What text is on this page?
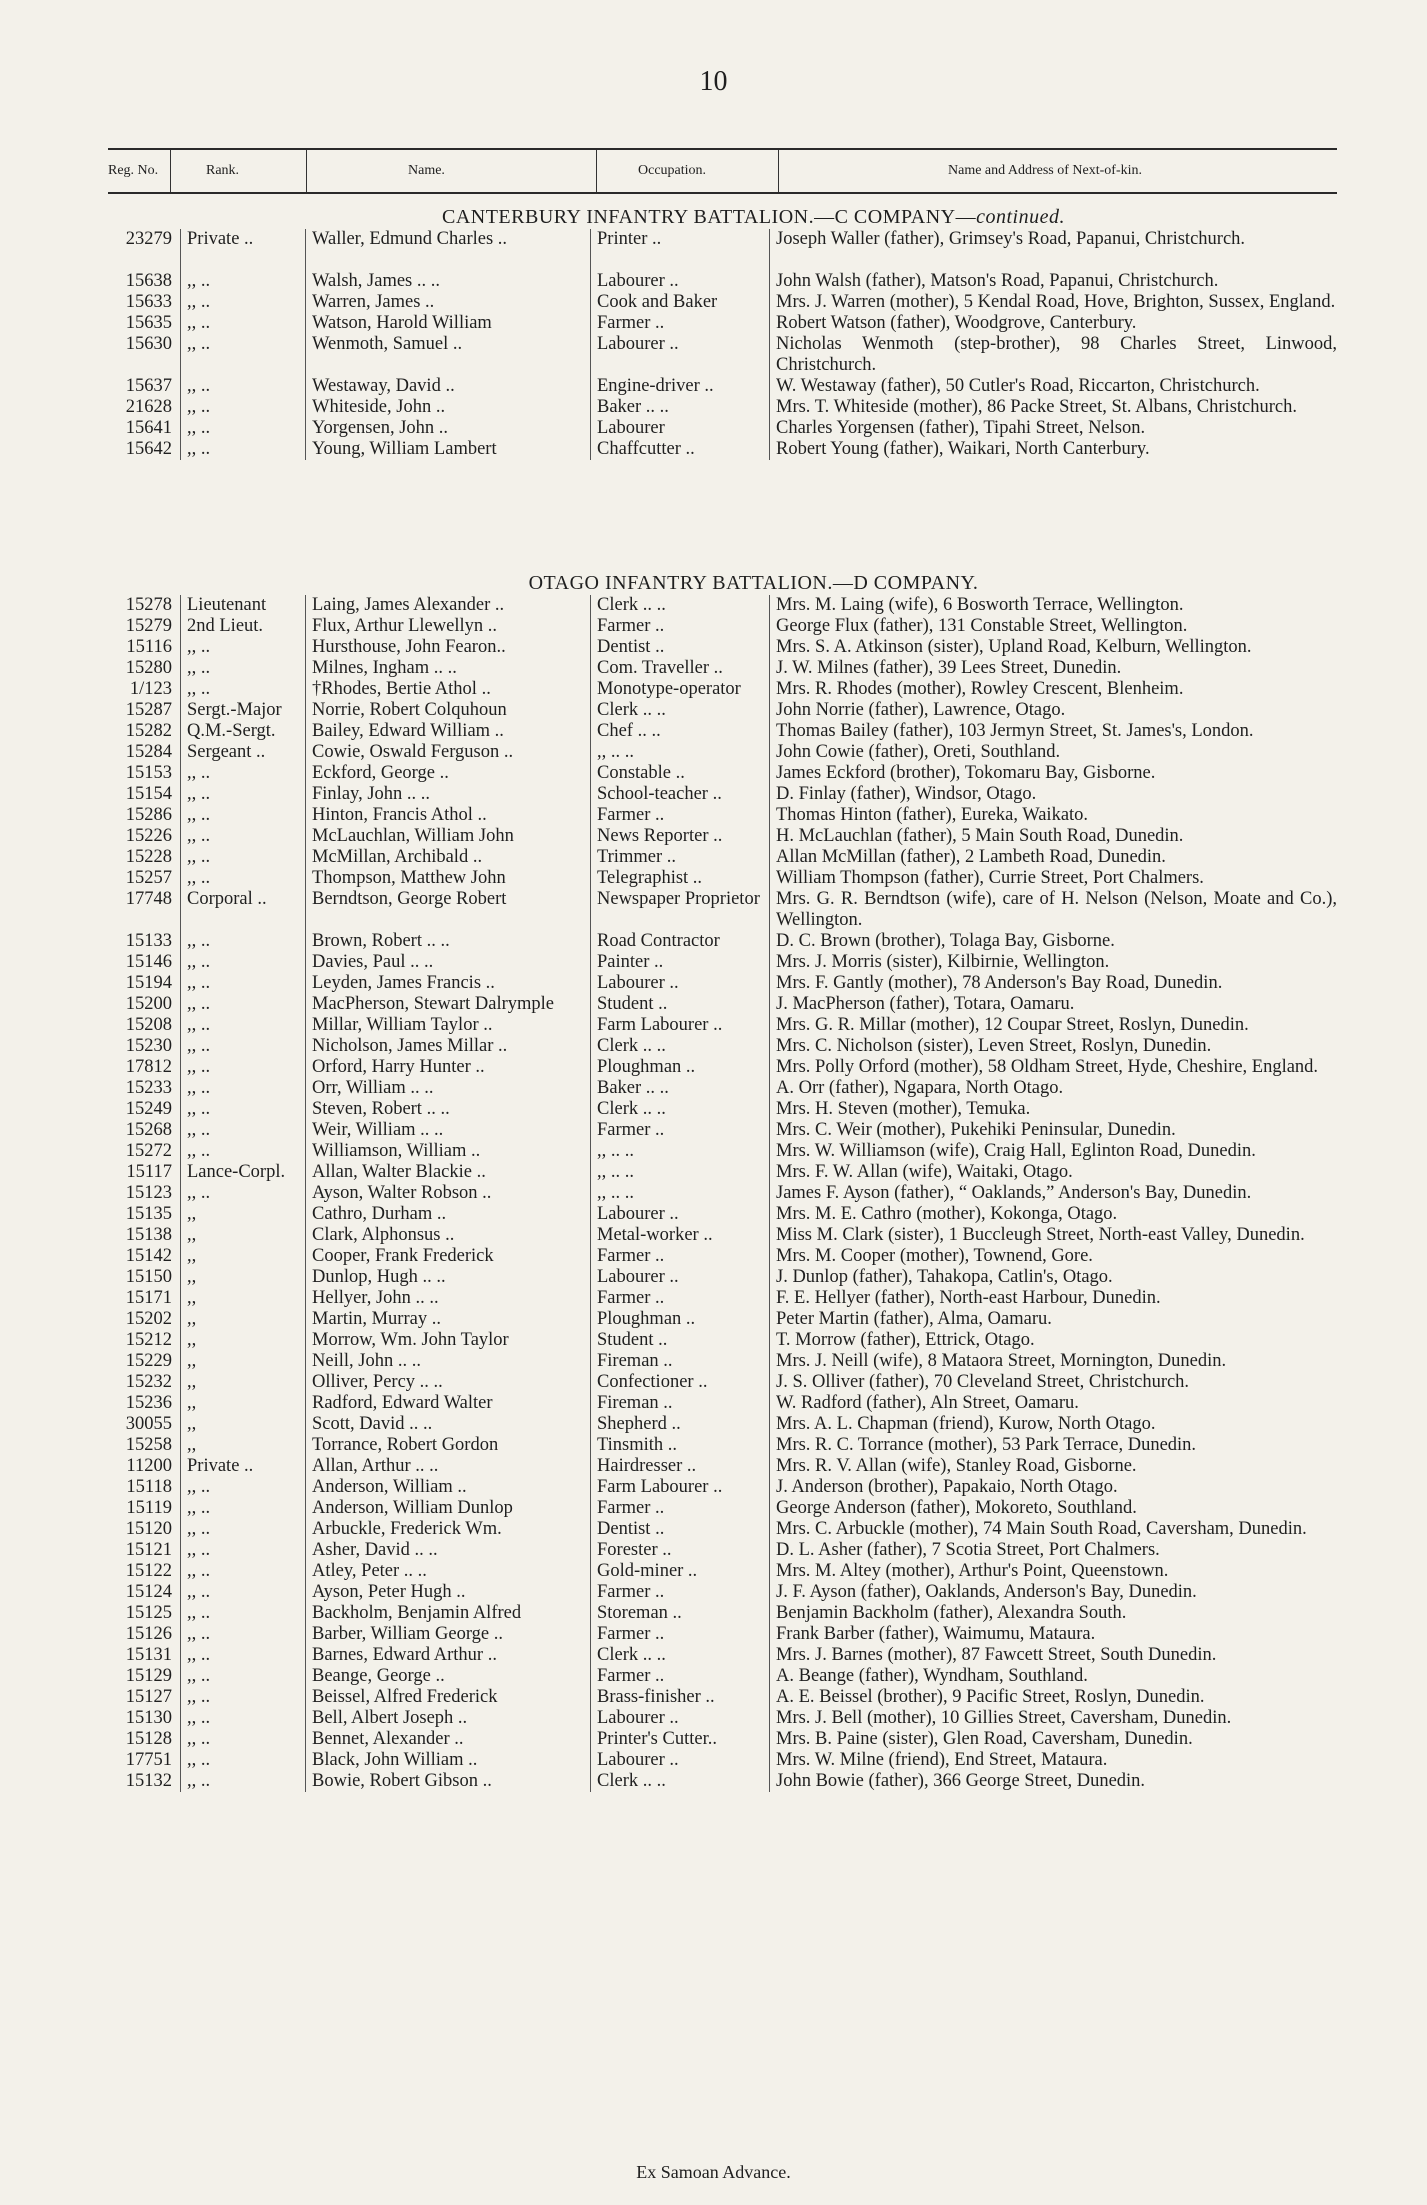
10
Reg. No.	Rank.	Name.	Occupation.	Name and Address of Next-of-kin.
CANTERBURY INFANTRY BATTALION.—C COMPANY—continued.
23279	Private ..	Waller, Edmund Charles ..	Printer ..	Joseph Waller (father), Grimsey's Road, Papanui, Christchurch.

15638	,, ..	Walsh, James .. ..	Labourer ..	John Walsh (father), Matson's Road, Papanui, Christchurch.
15633	,, ..	Warren, James ..	Cook and Baker	Mrs. J. Warren (mother), 5 Kendal Road, Hove, Brighton, Sussex, England.
15635	,, ..	Watson, Harold William	Farmer ..	Robert Watson (father), Woodgrove, Canterbury.
15630	,, ..	Wenmoth, Samuel ..	Labourer ..	Nicholas Wenmoth (step-brother), 98 Charles Street, Linwood, Christchurch.
15637	,, ..	Westaway, David ..	Engine-driver ..	W. Westaway (father), 50 Cutler's Road, Riccarton, Christchurch.
21628	,, ..	Whiteside, John ..	Baker .. ..	Mrs. T. Whiteside (mother), 86 Packe Street, St. Albans, Christchurch.
15641	,, ..	Yorgensen, John ..	Labourer	Charles Yorgensen (father), Tipahi Street, Nelson.
15642	,, ..	Young, William Lambert	Chaffcutter ..	Robert Young (father), Waikari, North Canterbury.
OTAGO INFANTRY BATTALION.—D COMPANY.
15278	Lieutenant	Laing, James Alexander ..	Clerk .. ..	Mrs. M. Laing (wife), 6 Bosworth Terrace, Wellington.
15279	2nd Lieut.	Flux, Arthur Llewellyn ..	Farmer ..	George Flux (father), 131 Constable Street, Wellington.
15116	,, ..	Hursthouse, John Fearon..	Dentist ..	Mrs. S. A. Atkinson (sister), Upland Road, Kelburn, Wellington.
15280	,, ..	Milnes, Ingham .. ..	Com. Traveller ..	J. W. Milnes (father), 39 Lees Street, Dunedin.
1/123	,, ..	†Rhodes, Bertie Athol ..	Monotype-operator	Mrs. R. Rhodes (mother), Rowley Crescent, Blenheim.
15287	Sergt.-Major	Norrie, Robert Colquhoun	Clerk .. ..	John Norrie (father), Lawrence, Otago.
15282	Q.M.-Sergt.	Bailey, Edward William ..	Chef .. ..	Thomas Bailey (father), 103 Jermyn Street, St. James's, London.
15284	Sergeant ..	Cowie, Oswald Ferguson ..	,, .. ..	John Cowie (father), Oreti, Southland.
15153	,, ..	Eckford, George ..	Constable ..	James Eckford (brother), Tokomaru Bay, Gisborne.
15154	,, ..	Finlay, John .. ..	School-teacher ..	D. Finlay (father), Windsor, Otago.
15286	,, ..	Hinton, Francis Athol ..	Farmer ..	Thomas Hinton (father), Eureka, Waikato.
15226	,, ..	McLauchlan, William John	News Reporter ..	H. McLauchlan (father), 5 Main South Road, Dunedin.
15228	,, ..	McMillan, Archibald ..	Trimmer ..	Allan McMillan (father), 2 Lambeth Road, Dunedin.
15257	,, ..	Thompson, Matthew John	Telegraphist ..	William Thompson (father), Currie Street, Port Chalmers.
17748	Corporal ..	Berndtson, George Robert	Newspaper Proprietor	Mrs. G. R. Berndtson (wife), care of H. Nelson (Nelson, Moate and Co.), Wellington.
15133	,, ..	Brown, Robert .. ..	Road Contractor	D. C. Brown (brother), Tolaga Bay, Gisborne.
15146	,, ..	Davies, Paul .. ..	Painter ..	Mrs. J. Morris (sister), Kilbirnie, Wellington.
15194	,, ..	Leyden, James Francis ..	Labourer ..	Mrs. F. Gantly (mother), 78 Anderson's Bay Road, Dunedin.
15200	,, ..	MacPherson, Stewart Dalrymple	Student ..	J. MacPherson (father), Totara, Oamaru.
15208	,, ..	Millar, William Taylor ..	Farm Labourer ..	Mrs. G. R. Millar (mother), 12 Coupar Street, Roslyn, Dunedin.
15230	,, ..	Nicholson, James Millar ..	Clerk .. ..	Mrs. C. Nicholson (sister), Leven Street, Roslyn, Dunedin.
17812	,, ..	Orford, Harry Hunter ..	Ploughman ..	Mrs. Polly Orford (mother), 58 Oldham Street, Hyde, Cheshire, England.
15233	,, ..	Orr, William .. ..	Baker .. ..	A. Orr (father), Ngapara, North Otago.
15249	,, ..	Steven, Robert .. ..	Clerk .. ..	Mrs. H. Steven (mother), Temuka.
15268	,, ..	Weir, William .. ..	Farmer ..	Mrs. C. Weir (mother), Pukehiki Peninsular, Dunedin.
15272	,, ..	Williamson, William ..	,, .. ..	Mrs. W. Williamson (wife), Craig Hall, Eglinton Road, Dunedin.
15117	Lance-Corpl.	Allan, Walter Blackie ..	,, .. ..	Mrs. F. W. Allan (wife), Waitaki, Otago.
15123	,, ..	Ayson, Walter Robson ..	,, .. ..	James F. Ayson (father), “ Oaklands,” Anderson's Bay, Dunedin.
15135	,,	Cathro, Durham ..	Labourer ..	Mrs. M. E. Cathro (mother), Kokonga, Otago.
15138	,,	Clark, Alphonsus ..	Metal-worker ..	Miss M. Clark (sister), 1 Buccleugh Street, North-east Valley, Dunedin.
15142	,,	Cooper, Frank Frederick	Farmer ..	Mrs. M. Cooper (mother), Townend, Gore.
15150	,,	Dunlop, Hugh .. ..	Labourer ..	J. Dunlop (father), Tahakopa, Catlin's, Otago.
15171	,,	Hellyer, John .. ..	Farmer ..	F. E. Hellyer (father), North-east Harbour, Dunedin.
15202	,,	Martin, Murray ..	Ploughman ..	Peter Martin (father), Alma, Oamaru.
15212	,,	Morrow, Wm. John Taylor	Student ..	T. Morrow (father), Ettrick, Otago.
15229	,,	Neill, John .. ..	Fireman ..	Mrs. J. Neill (wife), 8 Mataora Street, Mornington, Dunedin.
15232	,,	Olliver, Percy .. ..	Confectioner ..	J. S. Olliver (father), 70 Cleveland Street, Christchurch.
15236	,,	Radford, Edward Walter	Fireman ..	W. Radford (father), Aln Street, Oamaru.
30055	,,	Scott, David .. ..	Shepherd ..	Mrs. A. L. Chapman (friend), Kurow, North Otago.
15258	,,	Torrance, Robert Gordon	Tinsmith ..	Mrs. R. C. Torrance (mother), 53 Park Terrace, Dunedin.
11200	Private ..	Allan, Arthur .. ..	Hairdresser ..	Mrs. R. V. Allan (wife), Stanley Road, Gisborne.
15118	,, ..	Anderson, William ..	Farm Labourer ..	J. Anderson (brother), Papakaio, North Otago.
15119	,, ..	Anderson, William Dunlop	Farmer ..	George Anderson (father), Mokoreto, Southland.
15120	,, ..	Arbuckle, Frederick Wm.	Dentist ..	Mrs. C. Arbuckle (mother), 74 Main South Road, Caversham, Dunedin.
15121	,, ..	Asher, David .. ..	Forester ..	D. L. Asher (father), 7 Scotia Street, Port Chalmers.
15122	,, ..	Atley, Peter .. ..	Gold-miner ..	Mrs. M. Altey (mother), Arthur's Point, Queenstown.
15124	,, ..	Ayson, Peter Hugh ..	Farmer ..	J. F. Ayson (father), Oaklands, Anderson's Bay, Dunedin.
15125	,, ..	Backholm, Benjamin Alfred	Storeman ..	Benjamin Backholm (father), Alexandra South.
15126	,, ..	Barber, William George ..	Farmer ..	Frank Barber (father), Waimumu, Mataura.
15131	,, ..	Barnes, Edward Arthur ..	Clerk .. ..	Mrs. J. Barnes (mother), 87 Fawcett Street, South Dunedin.
15129	,, ..	Beange, George ..	Farmer ..	A. Beange (father), Wyndham, Southland.
15127	,, ..	Beissel, Alfred Frederick	Brass-finisher ..	A. E. Beissel (brother), 9 Pacific Street, Roslyn, Dunedin.
15130	,, ..	Bell, Albert Joseph ..	Labourer ..	Mrs. J. Bell (mother), 10 Gillies Street, Caversham, Dunedin.
15128	,, ..	Bennet, Alexander ..	Printer's Cutter..	Mrs. B. Paine (sister), Glen Road, Caversham, Dunedin.
17751	,, ..	Black, John William ..	Labourer ..	Mrs. W. Milne (friend), End Street, Mataura.
15132	,, ..	Bowie, Robert Gibson ..	Clerk .. ..	John Bowie (father), 366 George Street, Dunedin.
Ex Samoan Advance.
